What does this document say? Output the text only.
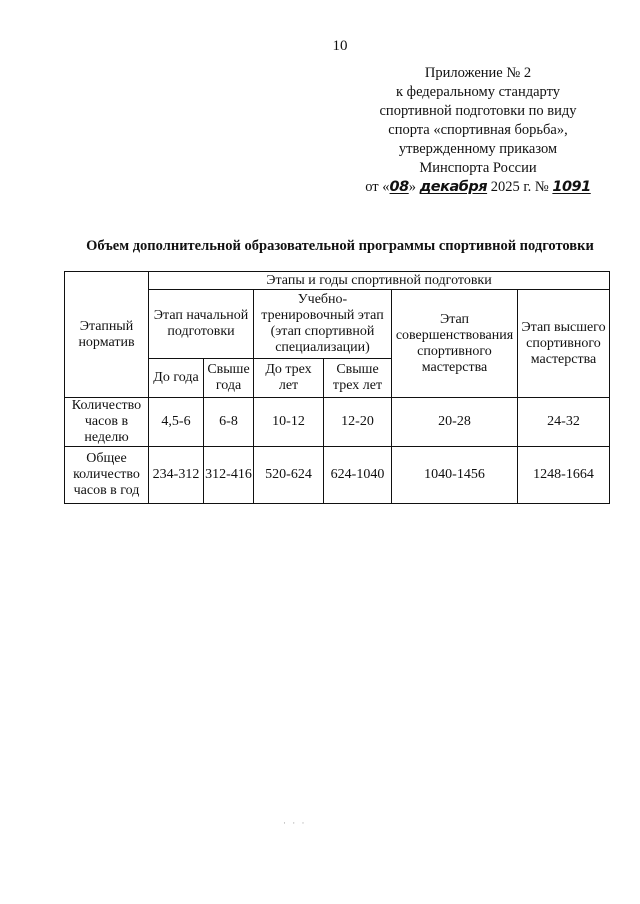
10
Приложение № 2
к федеральному стандарту
спортивной подготовки по виду
спорта «спортивная борьба»,
утвержденному приказом
Минспорта России
от «08» декабря 2025 г. № 1091
Объем дополнительной образовательной программы спортивной подготовки
Этапный норматив	Этапы и годы спортивной подготовки					
	Этап начальной подготовки		Учебно-тренировочный этап (этап спортивной специализации)		Этап совершенствования спортивного мастерства	Этап высшего спортивного мастерства
	До года	Свыше года	До трех лет	Свыше трех лет		
Количество часов в неделю	4,5-6	6-8	10-12	12-20	20-28	24-32
Общее количество часов в год	234-312	312-416	520-624	624-1040	1040-1456	1248-1664
· · ·
